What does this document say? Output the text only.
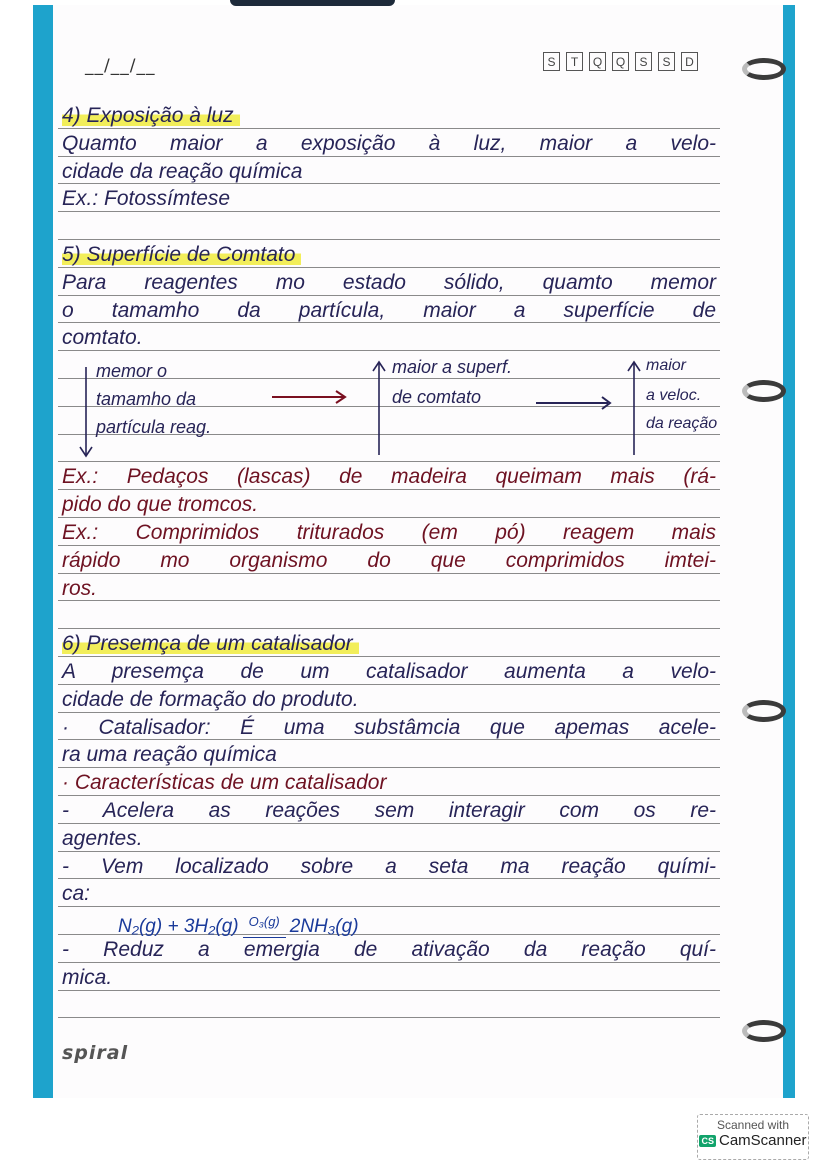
__/__/__	S	T	Q	Q	S	S	D
4) Exposição à luz
Quamto maior a exposição à luz, maior a velo-
cidade da reação química
Ex.: Fotossímtese
5) Superfície de Comtato
Para reagentes mo estado sólido, quamto memor
o tamamho da partícula, maior a superfície de
comtato.
Ex.: Pedaços (lascas) de madeira queimam mais (rá-
pido do que tromcos.
Ex.: Comprimidos triturados (em pó) reagem mais
rápido mo organismo do que comprimidos imtei-
ros.
6) Presemça de um catalisador
A presemça de um catalisador aumenta a velo-
cidade de formação do produto.
· Catalisador: É uma substâmcia que apemas acele-
ra uma reação química
· Características de um catalisador
- Acelera as reações sem interagir com os re-
agentes.
- Vem localizado sobre a seta ma reação quími-
ca:
N₂(g) + 3H₂(g) O₃(g) 2NH₃(g)
- Reduz a emergia de ativação da reação quí-
mica.
memor o
tamamho da
partícula reag.
maior a superf.
de comtato
maior
a veloc.
da reação
spiral
Scanned with
CS CamScanner
